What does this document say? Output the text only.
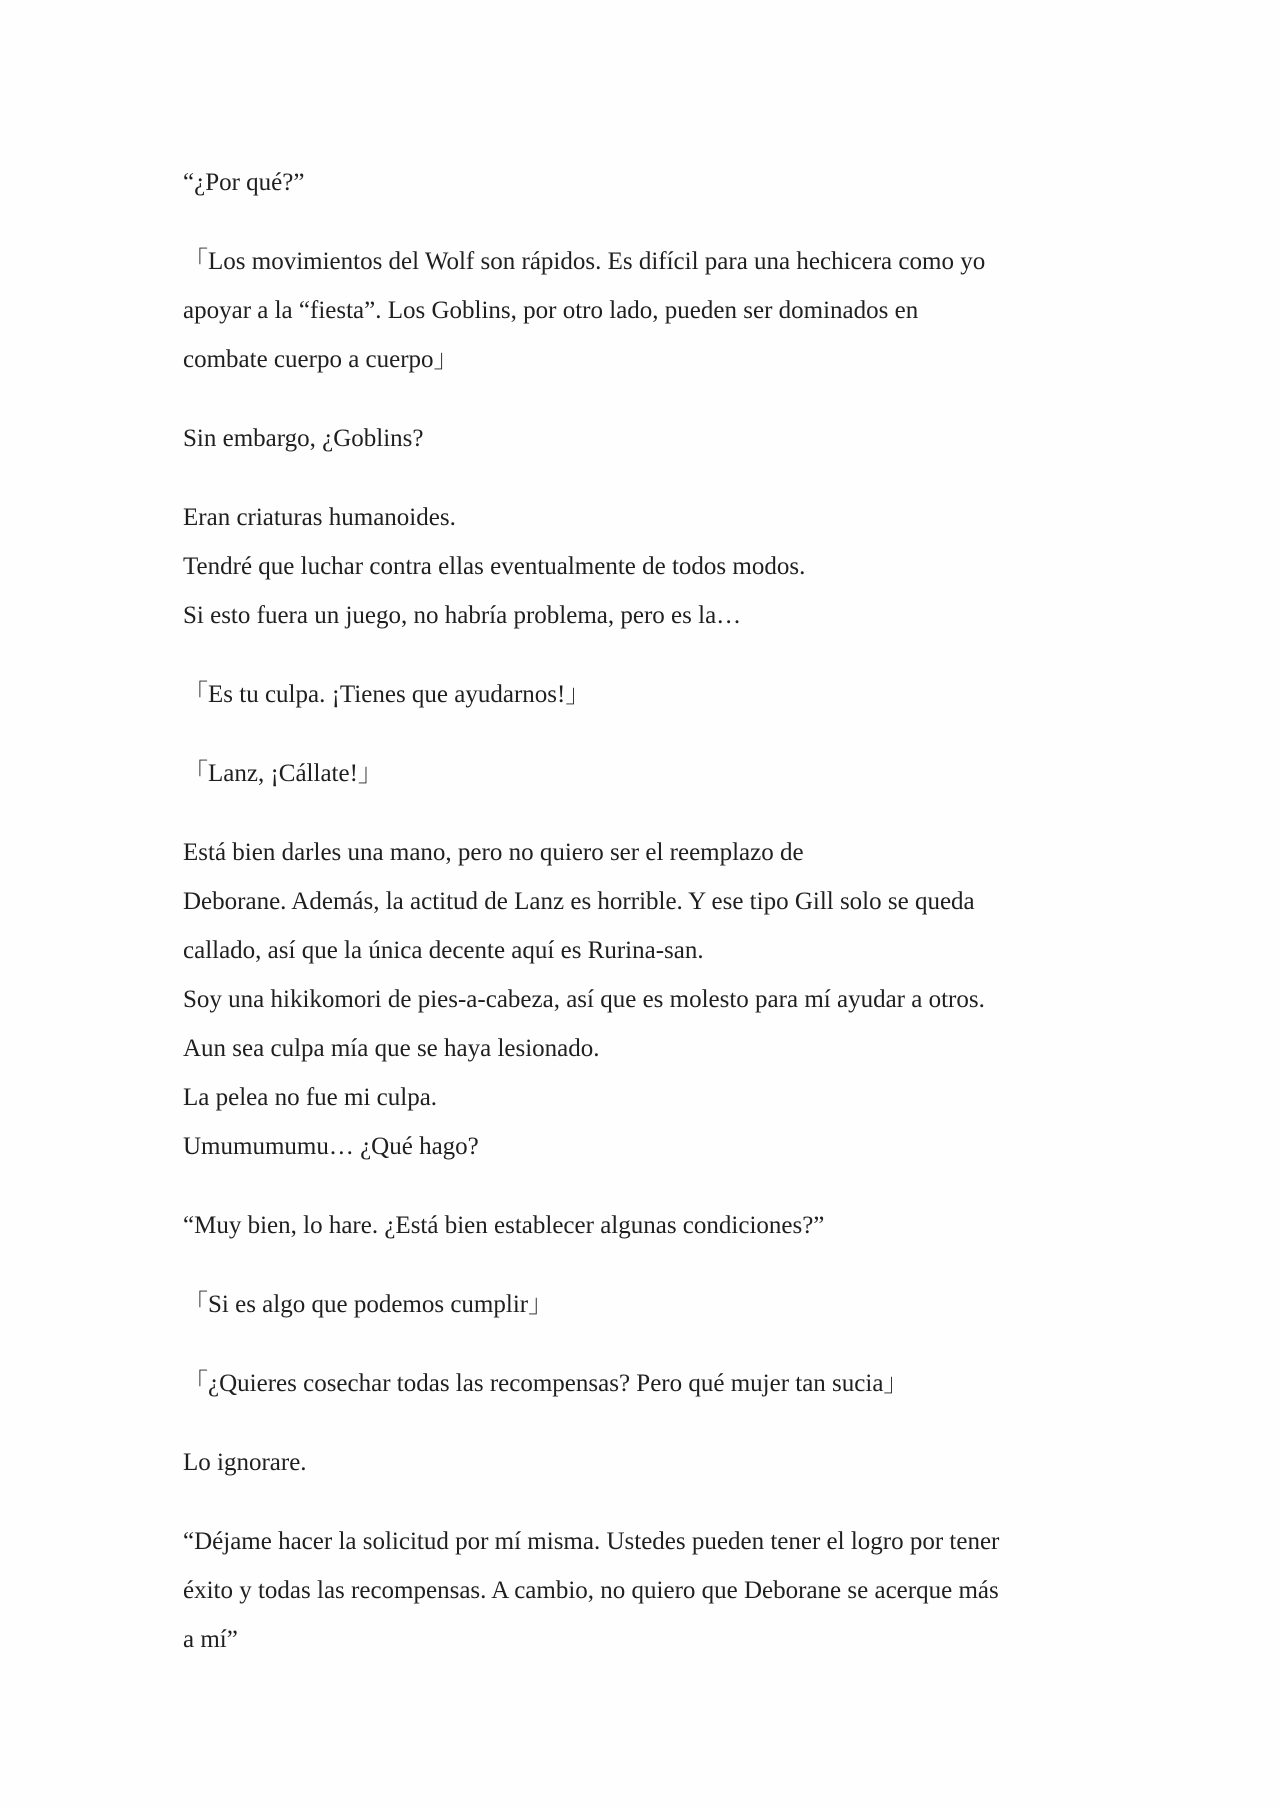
“¿Por qué?”

「Los movimientos del Wolf son rápidos. Es difícil para una hechicera como yo
apoyar a la “fiesta”. Los Goblins, por otro lado, pueden ser dominados en
combate cuerpo a cuerpo」

Sin embargo, ¿Goblins?

Eran criaturas humanoides.
Tendré que luchar contra ellas eventualmente de todos modos.
Si esto fuera un juego, no habría problema, pero es la…

「Es tu culpa. ¡Tienes que ayudarnos!」

「Lanz, ¡Cállate!」

Está bien darles una mano, pero no quiero ser el reemplazo de
Deborane. Además, la actitud de Lanz es horrible. Y ese tipo Gill solo se queda
callado, así que la única decente aquí es Rurina-san.
Soy una hikikomori de pies-a-cabeza, así que es molesto para mí ayudar a otros.
Aun sea culpa mía que se haya lesionado.
La pelea no fue mi culpa.
Umumumumu… ¿Qué hago?

“Muy bien, lo hare. ¿Está bien establecer algunas condiciones?”

「Si es algo que podemos cumplir」

「¿Quieres cosechar todas las recompensas? Pero qué mujer tan sucia」

Lo ignorare.

“Déjame hacer la solicitud por mí misma. Ustedes pueden tener el logro por tener
éxito y todas las recompensas. A cambio, no quiero que Deborane se acerque más
a mí”
